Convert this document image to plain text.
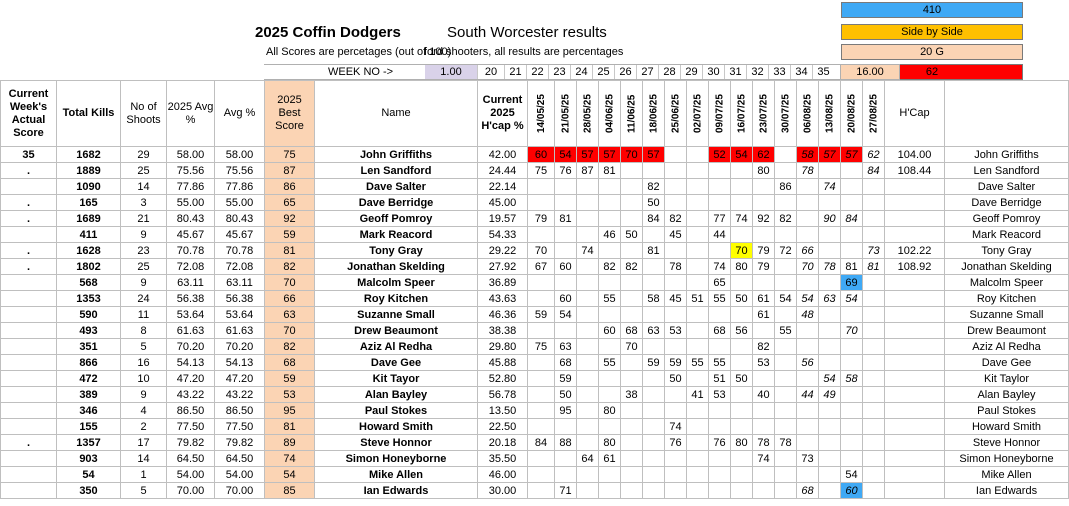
2025 Coffin Dodgers	South Worcester results
All Scores are percetages (out of 100)
ford shooters, all results are percentages
410
Side by Side
20 G
62
WEEK NO ->	1.00	20	21 22 23 24 25 26 27 28 29 30 31 32 33 34 35	16.00
Current Week's Actual Score	Total Kills	No of Shoots	2025 Avg %	Avg %	2025 Best Score	Name	Current 2025 H'cap %	14/05/25	21/05/25	28/05/25	04/06/25	11/06/25	18/06/25	25/06/25	02/07/25	09/07/25	16/07/25	23/07/25	30/07/25	06/08/25	13/08/25	20/08/25	27/08/25	H'Cap	
35	1682	29	58.00	58.00	75	John Griffiths	42.00	60	54	57	57	70	57			52	54	62		58	57	57	62	104.00	John Griffiths
.	1889	25	75.56	75.56	87	Len Sandford	24.44	75	76	87	81							80		78			84	108.44	Len Sandford
	1090	14	77.86	77.86	86	Dave Salter	22.14						82						86		74				Dave Salter
.	165	3	55.00	55.00	65	Dave Berridge	45.00						50												Dave Berridge
.	1689	21	80.43	80.43	92	Geoff Pomroy	19.57	79	81				84	82		77	74	92	82		90	84			Geoff Pomroy
	411	9	45.67	45.67	59	Mark Reacord	54.33				46	50		45		44									Mark Reacord
.	1628	23	70.78	70.78	81	Tony Gray	29.22	70		74			81				70	79	72	66			73	102.22	Tony Gray
.	1802	25	72.08	72.08	82	Jonathan Skelding	27.92	67	60		82	82		78		74	80	79		70	78	81	81	108.92	Jonathan Skelding
	568	9	63.11	63.11	70	Malcolm Speer	36.89									65						69			Malcolm Speer
	1353	24	56.38	56.38	66	Roy Kitchen	43.63		60		55		58	45	51	55	50	61	54	54	63	54			Roy Kitchen
	590	11	53.64	53.64	63	Suzanne Small	46.36	59	54									61		48					Suzanne Small
	493	8	61.63	61.63	70	Drew Beaumont	38.38				60	68	63	53		68	56		55			70			Drew Beaumont
	351	5	70.20	70.20	82	Aziz Al Redha	29.80	75	63			70						82							Aziz Al Redha
	866	16	54.13	54.13	68	Dave Gee	45.88		68		55		59	59	55	55		53		56					Dave Gee
	472	10	47.20	47.20	59	Kit Tayor	52.80		59					50		51	50				54	58			Kit Taylor
	389	9	43.22	43.22	53	Alan Bayley	56.78		50			38			41	53		40		44	49				Alan Bayley
	346	4	86.50	86.50	95	Paul Stokes	13.50		95		80														Paul Stokes
	155	2	77.50	77.50	81	Howard Smith	22.50							74											Howard Smith
.	1357	17	79.82	79.82	89	Steve Honnor	20.18	84	88		80			76		76	80	78	78						Steve Honnor
	903	14	64.50	64.50	74	Simon Honeyborne	35.50			64	61							74		73					Simon Honeyborne
	54	1	54.00	54.00	54	Mike Allen	46.00															54			Mike Allen
	350	5	70.00	70.00	85	Ian Edwards	30.00		71											68		60			Ian Edwards
